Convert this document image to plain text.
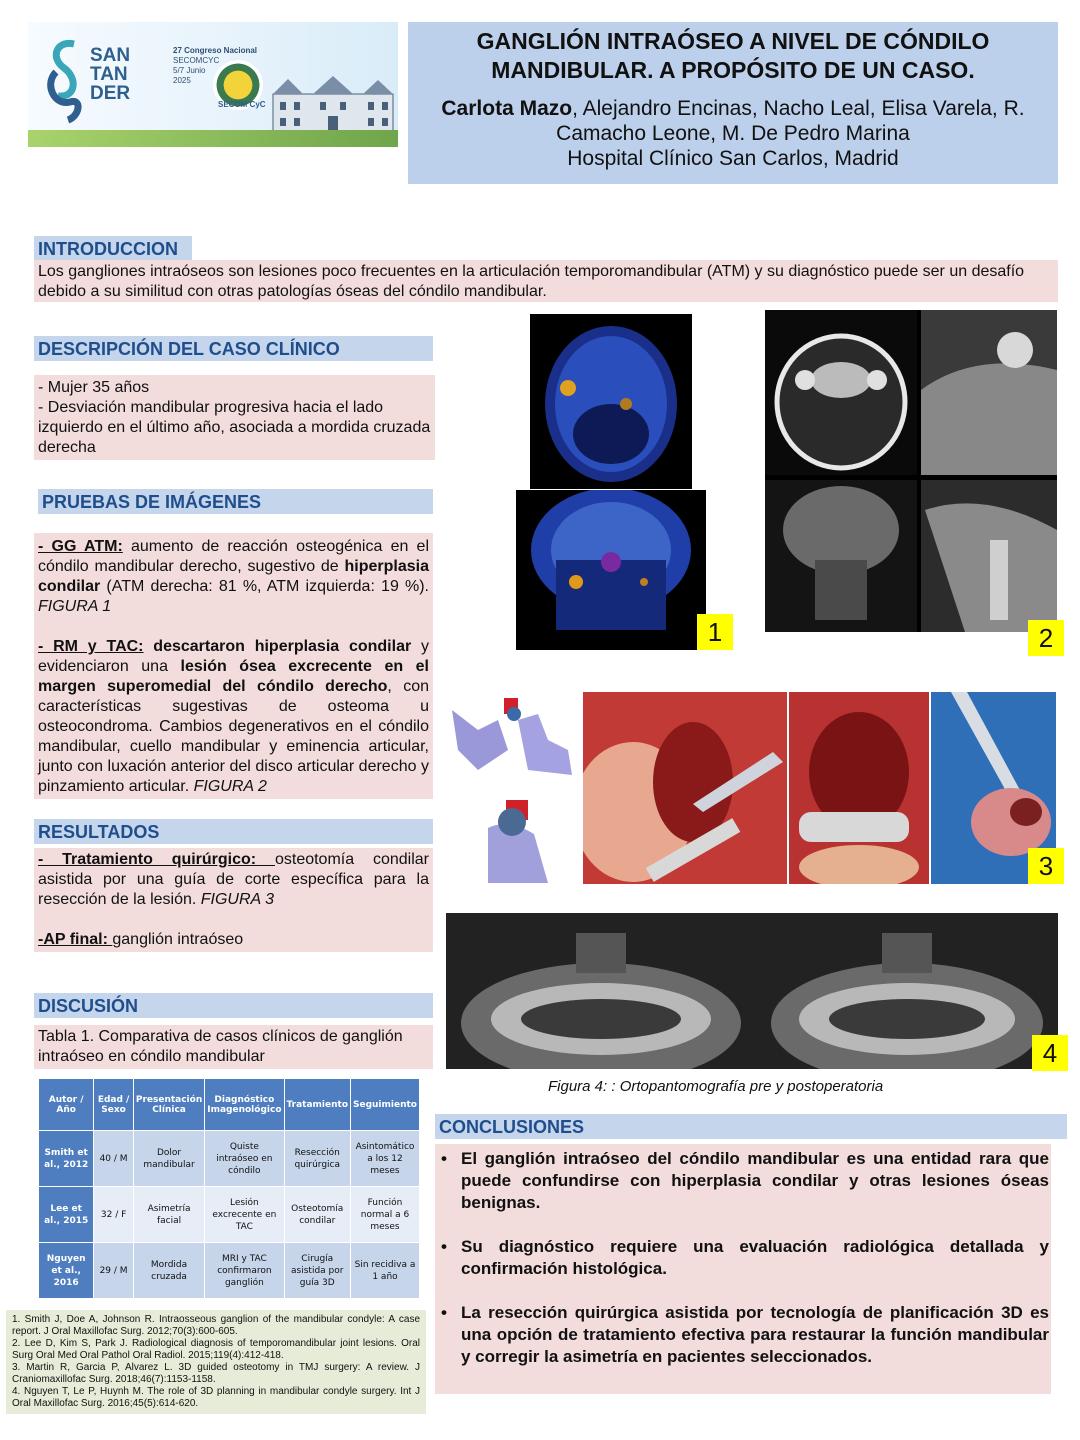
SAN
TAN
DER
27 Congreso Nacional
SECOMCYC
5/7 Junio
2025
SECOM CyC
GANGLIÓN INTRAÓSEO A NIVEL DE CÓNDILO
MANDIBULAR. A PROPÓSITO DE UN CASO.
Carlota Mazo, Alejandro Encinas, Nacho Leal, Elisa Varela, R. Camacho Leone, M. De Pedro Marina
Hospital Clínico San Carlos, Madrid
INTRODUCCION
Los gangliones intraóseos son lesiones poco frecuentes en la articulación temporomandibular (ATM) y su diagnóstico puede ser un desafío debido a su similitud con otras patologías óseas del cóndilo mandibular.
DESCRIPCIÓN DEL CASO CLÍNICO
- Mujer 35 años
- Desviación mandibular progresiva hacia el lado izquierdo en el último año, asociada a mordida cruzada derecha
PRUEBAS DE IMÁGENES

- GG ATM: aumento de reacción osteogénica en el cóndilo mandibular derecho, sugestivo de hiperplasia condilar (ATM derecha: 81 %, ATM izquierda: 19 %). FIGURA 1

- RM y TAC: descartaron hiperplasia condilar y evidenciaron una lesión ósea excrecente en el margen superomedial del cóndilo derecho, con características sugestivas de osteoma u osteocondroma. Cambios degenerativos en el cóndilo mandibular, cuello mandibular y eminencia articular, junto con luxación anterior del disco articular derecho y pinzamiento articular. FIGURA 2

RESULTADOS

- Tratamiento quirúrgico: osteotomía condilar asistida por una guía de corte específica para la resección de la lesión. FIGURA 3

-AP final: ganglión intraóseo

DISCUSIÓN
Tabla 1. Comparativa de casos clínicos de ganglión intraóseo en cóndilo mandibular
Autor / Año	Edad / Sexo	Presentación Clínica	Diagnóstico Imagenológico	Tratamiento	Seguimiento
Smith et al., 2012	40 / M	Dolor mandibular	Quiste intraóseo en cóndilo	Resección quirúrgica	Asintomático a los 12 meses
Lee et al., 2015	32 / F	Asimetría facial	Lesión excrecente en TAC	Osteotomía condilar	Función normal a 6 meses
Nguyen et al., 2016	29 / M	Mordida cruzada	MRI y TAC confirmaron ganglión	Cirugía asistida por guía 3D	Sin recidiva a 1 año
1. Smith J, Doe A, Johnson R. Intraosseous ganglion of the mandibular condyle: A case report. J Oral Maxillofac Surg. 2012;70(3):600-605.
2. Lee D, Kim S, Park J. Radiological diagnosis of temporomandibular joint lesions. Oral Surg Oral Med Oral Pathol Oral Radiol. 2015;119(4):412-418.
3. Martin R, Garcia P, Alvarez L. 3D guided osteotomy in TMJ surgery: A review. J Craniomaxillofac Surg. 2018;46(7):1153-1158.
4. Nguyen T, Le P, Huynh M. The role of 3D planning in mandibular condyle surgery. Int J Oral Maxillofac Surg. 2016;45(5):614-620.
1	2
3
4
Figura 4: : Ortopantomografía pre y postoperatoria
CONCLUSIONES
• El ganglión intraóseo del cóndilo mandibular es una entidad rara que puede confundirse con hiperplasia condilar y otras lesiones óseas benignas.
• Su diagnóstico requiere una evaluación radiológica detallada y confirmación histológica.
• La resección quirúrgica asistida por tecnología de planificación 3D es una opción de tratamiento efectiva para restaurar la función mandibular y corregir la asimetría en pacientes seleccionados.
